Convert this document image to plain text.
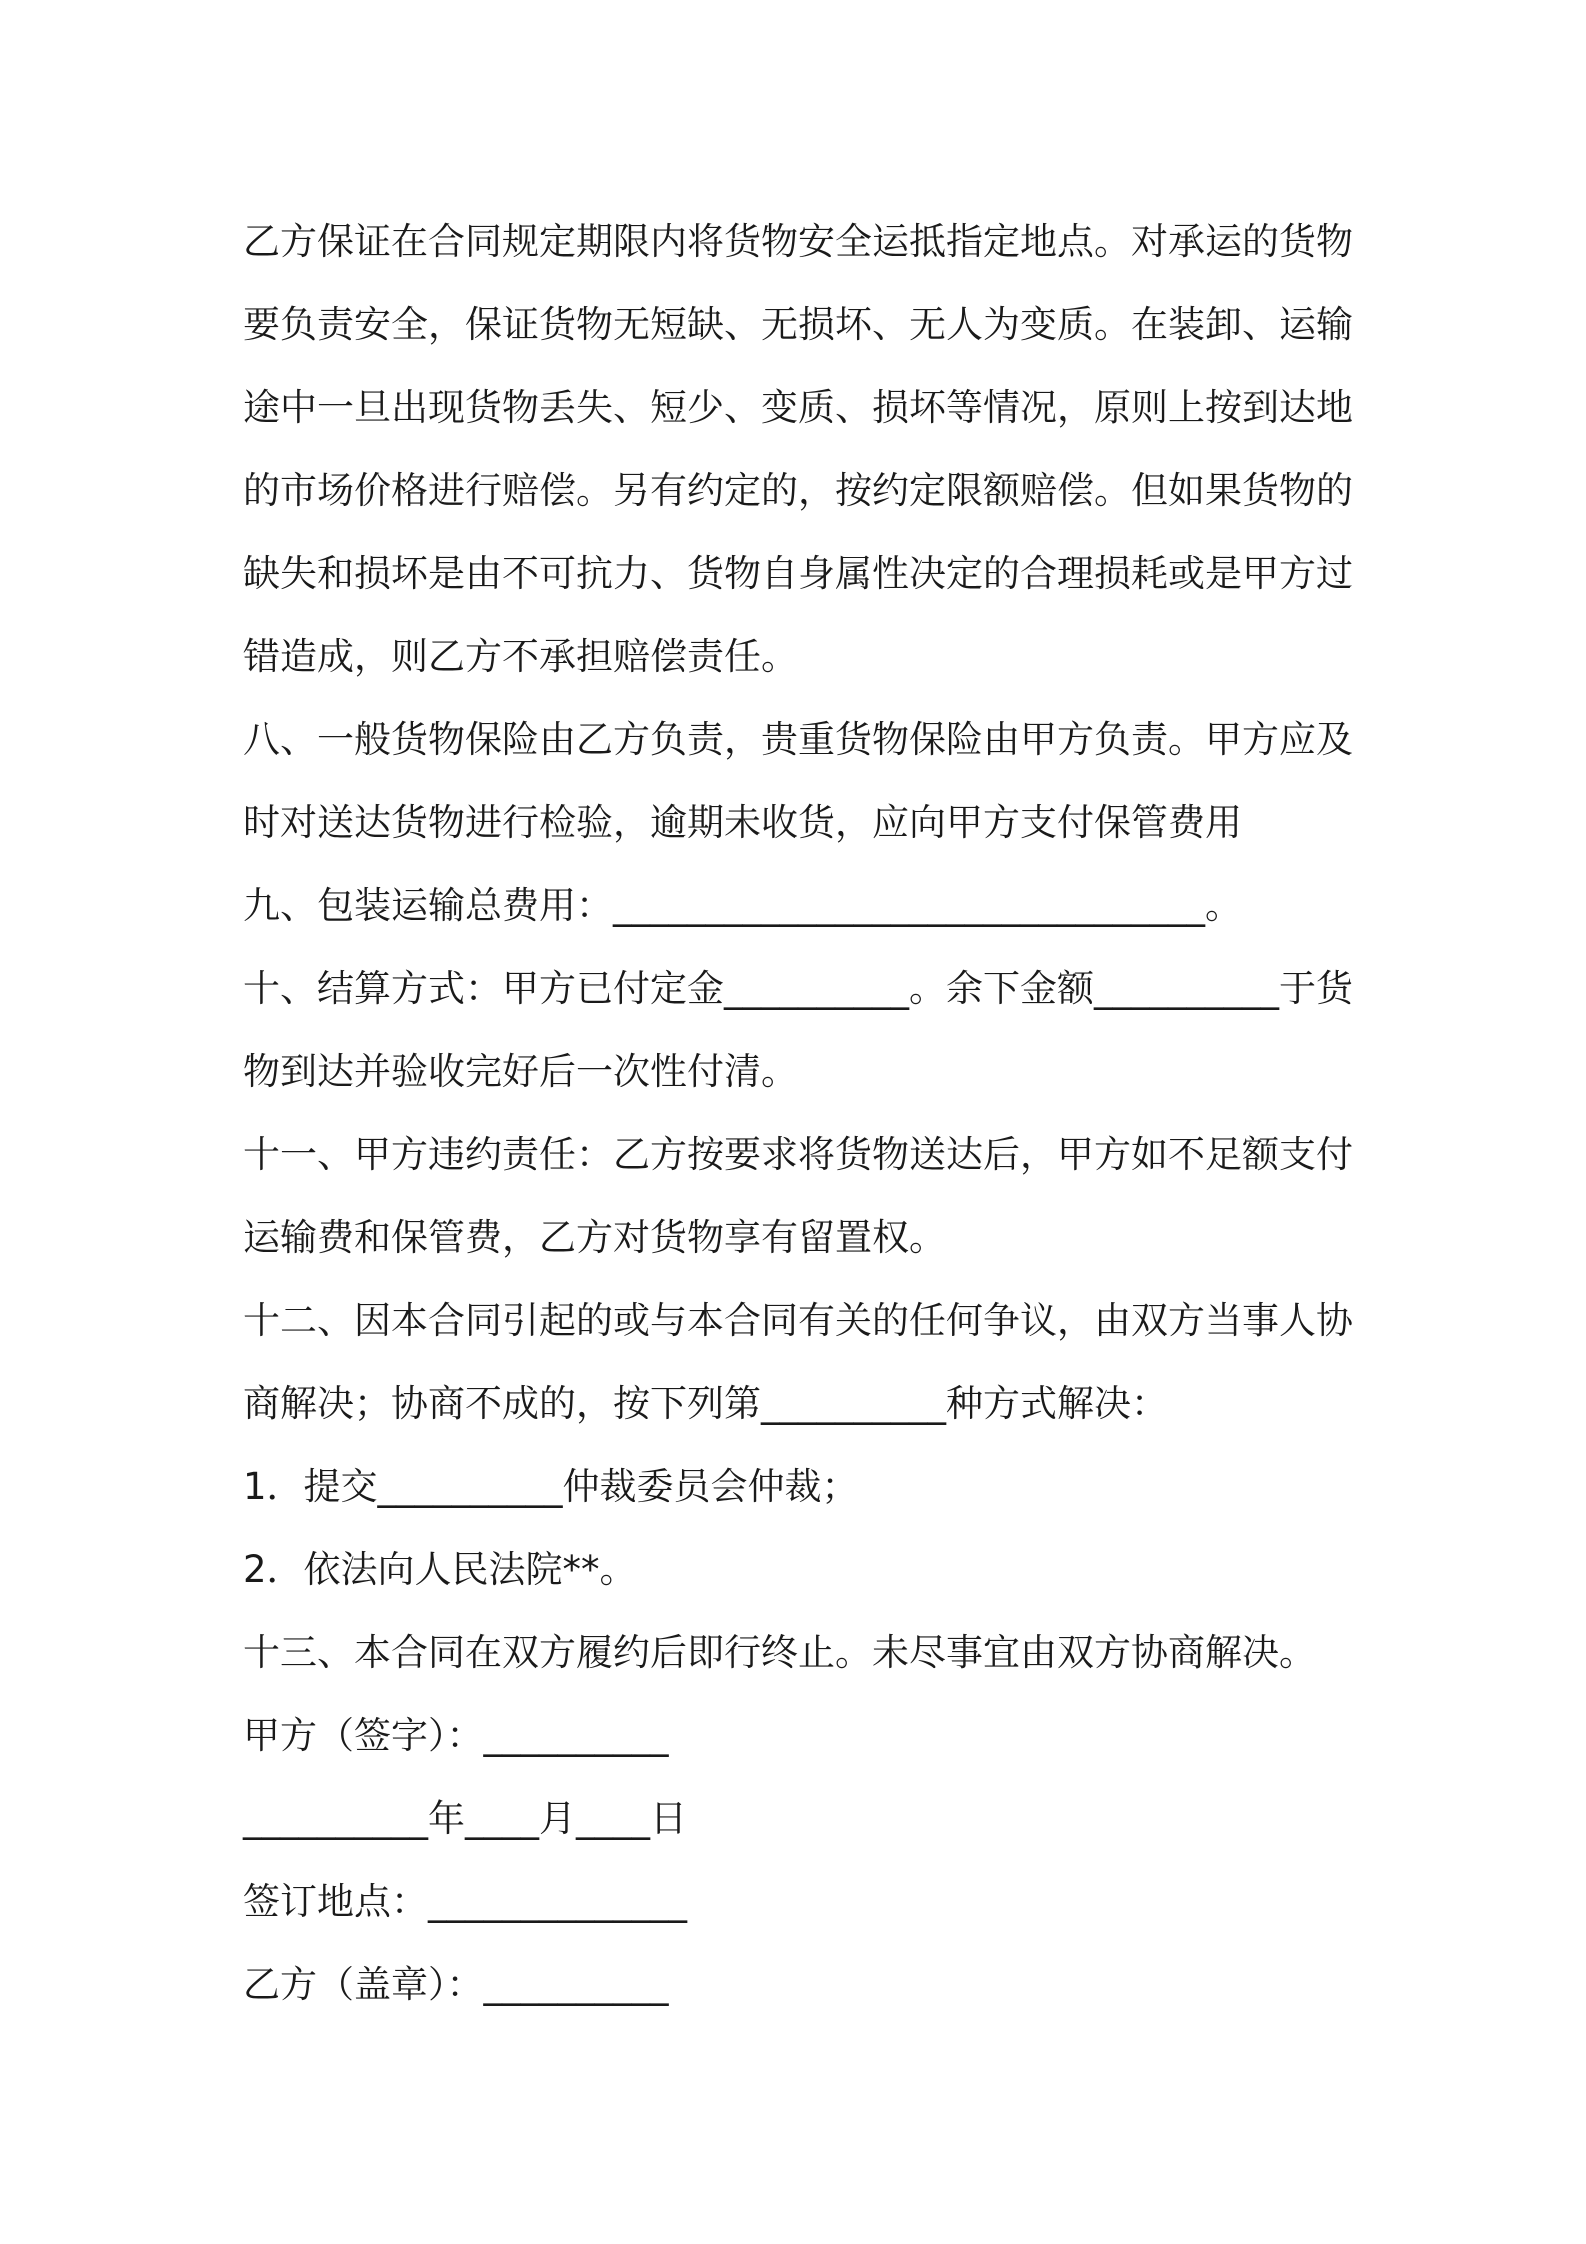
乙方保证在合同规定期限内将货物安全运抵指定地点。对承运的货物要负责安全，保证货物无短缺、无损坏、无人为变质。在装卸、运输途中一旦出现货物丢失、短少、变质、损坏等情况，原则上按到达地的市场价格进行赔偿。另有约定的，按约定限额赔偿。但如果货物的缺失和损坏是由不可抗力、货物自身属性决定的合理损耗或是甲方过错造成，则乙方不承担赔偿责任。

八、一般货物保险由乙方负责，贵重货物保险由甲方负责。甲方应及时对送达货物进行检验，逾期未收货，应向甲方支付保管费用

九、包装运输总费用：________________________________。

十、结算方式：甲方已付定金__________。余下金额__________于货物到达并验收完好后一次性付清。

十一、甲方违约责任：乙方按要求将货物送达后，甲方如不足额支付运输费和保管费，乙方对货物享有留置权。

十二、因本合同引起的或与本合同有关的任何争议，由双方当事人协商解决；协商不成的，按下列第__________种方式解决：

1．提交__________仲裁委员会仲裁；

2．依法向人民法院**。

十三、本合同在双方履约后即行终止。未尽事宜由双方协商解决。

甲方（签字）：__________

__________年____月____日

签订地点：______________

乙方（盖章）：__________
